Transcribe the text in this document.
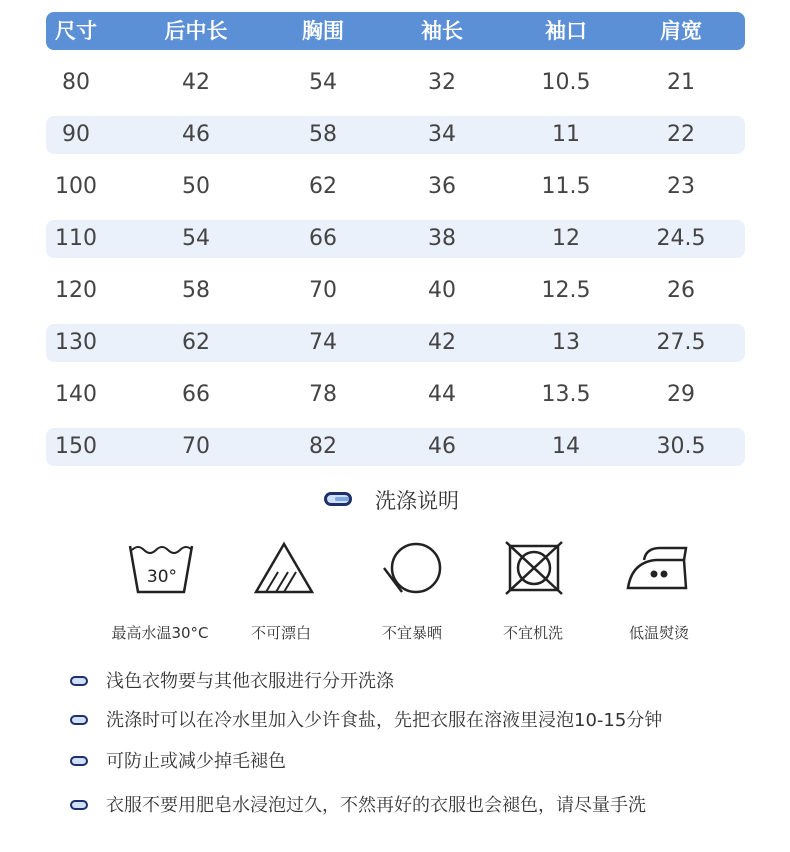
尺寸	后中长	胸围	袖长	袖口	肩宽
80	42	54	32	10.5	21
90	46	58	34	11	22
100	50	62	36	11.5	23
110	54	66	38	12	24.5
120	58	70	40	12.5	26
130	62	74	42	13	27.5
140	66	78	44	13.5	29
150	70	82	46	14	30.5
洗涤说明
30°
最高水温30°C	不可漂白	不宜暴晒	不宜机洗	低温熨烫
浅色衣物要与其他衣服进行分开洗涤
洗涤时可以在冷水里加入少许食盐，先把衣服在溶液里浸泡10-15分钟
可防止或减少掉毛褪色
衣服不要用肥皂水浸泡过久，不然再好的衣服也会褪色，请尽量手洗
